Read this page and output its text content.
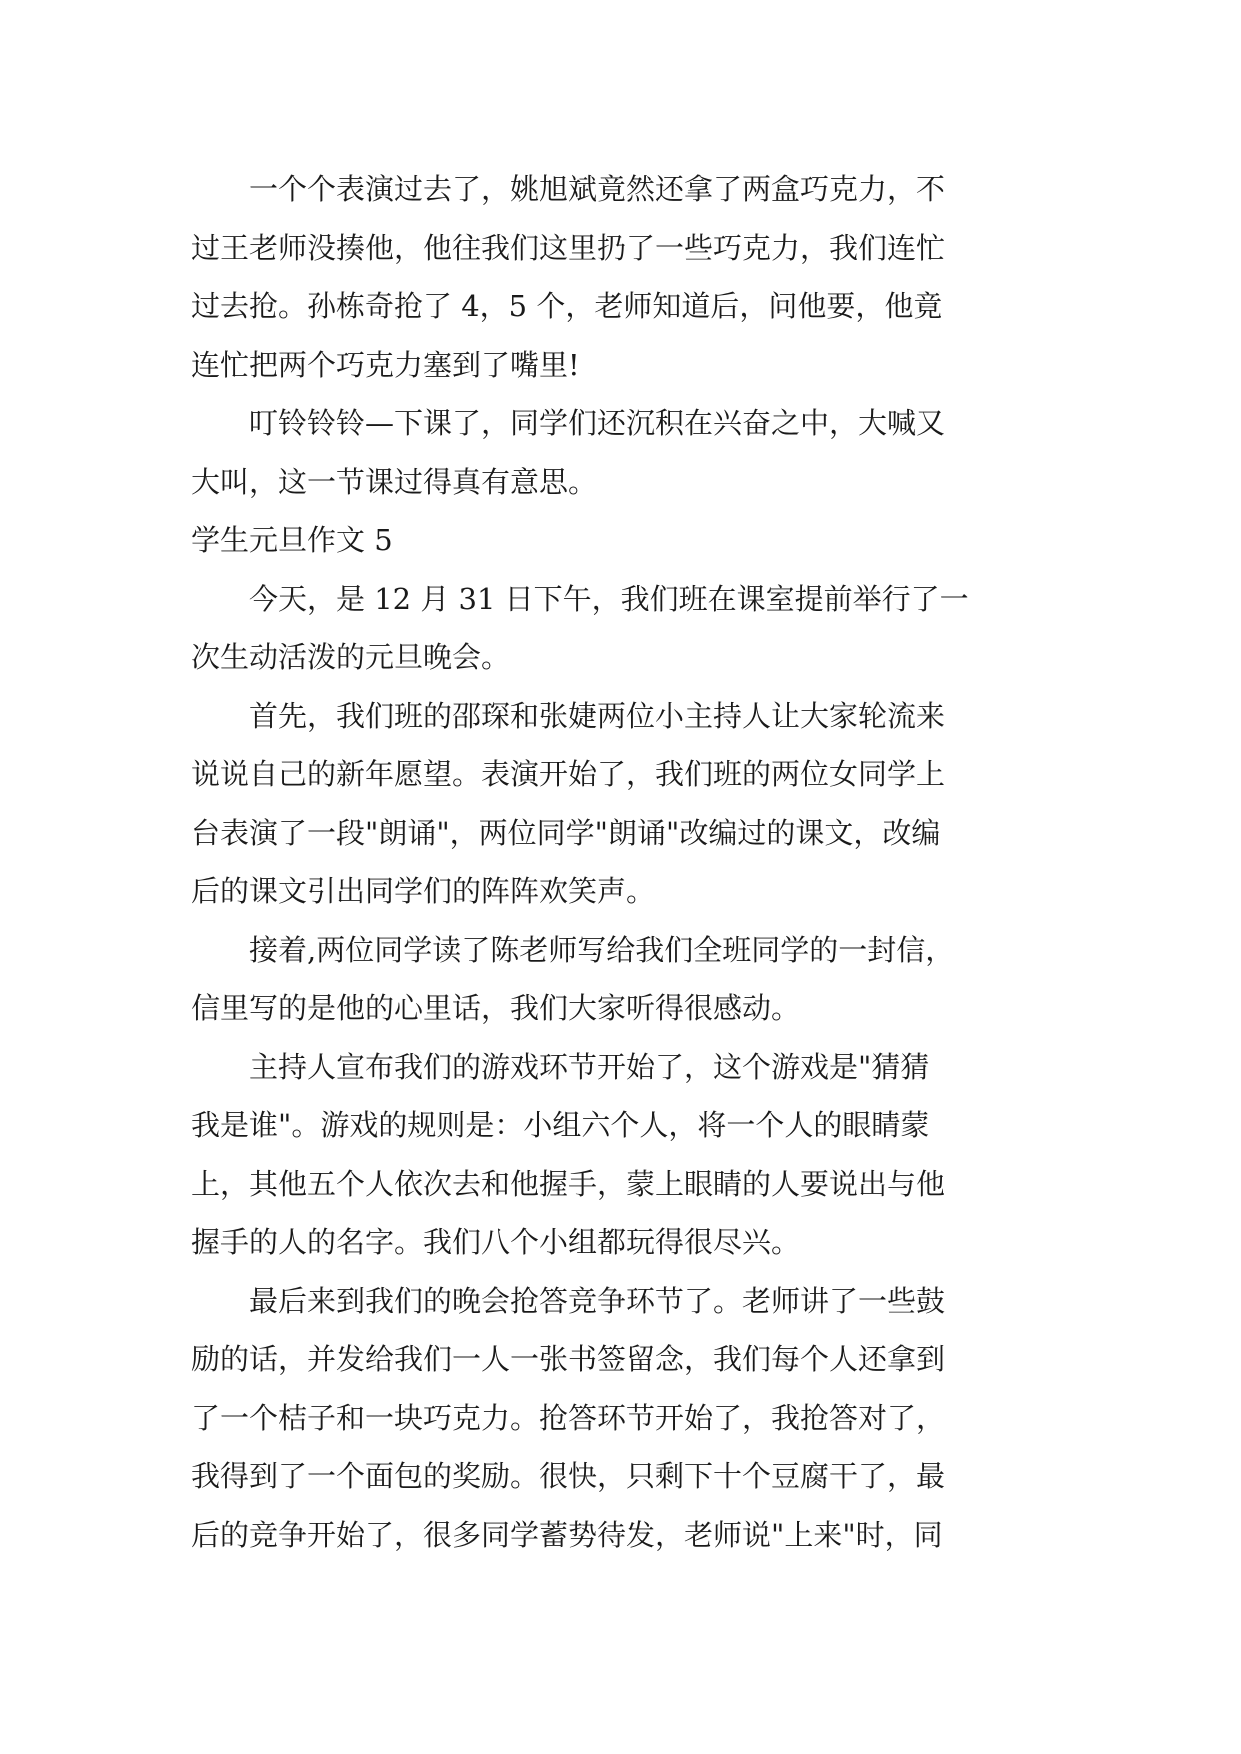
一个个表演过去了，姚旭斌竟然还拿了两盒巧克力，不
过王老师没揍他，他往我们这里扔了一些巧克力，我们连忙
过去抢。孙栋奇抢了 4，5 个，老师知道后，问他要，他竟
连忙把两个巧克力塞到了嘴里!

叮铃铃铃—下课了，同学们还沉积在兴奋之中，大喊又
大叫，这一节课过得真有意思。

学生元旦作文 5

今天，是 12 月 31 日下午，我们班在课室提前举行了一
次生动活泼的元旦晚会。

首先，我们班的邵琛和张婕两位小主持人让大家轮流来
说说自己的新年愿望。表演开始了，我们班的两位女同学上
台表演了一段"朗诵"，两位同学"朗诵"改编过的课文，改编
后的课文引出同学们的阵阵欢笑声。

接着,两位同学读了陈老师写给我们全班同学的一封信，
信里写的是他的心里话，我们大家听得很感动。

主持人宣布我们的游戏环节开始了，这个游戏是"猜猜
我是谁"。游戏的规则是：小组六个人，将一个人的眼睛蒙
上，其他五个人依次去和他握手，蒙上眼睛的人要说出与他
握手的人的名字。我们八个小组都玩得很尽兴。

最后来到我们的晚会抢答竞争环节了。老师讲了一些鼓
励的话，并发给我们一人一张书签留念，我们每个人还拿到
了一个桔子和一块巧克力。抢答环节开始了，我抢答对了，
我得到了一个面包的奖励。很快，只剩下十个豆腐干了，最
后的竞争开始了，很多同学蓄势待发，老师说"上来"时，同
